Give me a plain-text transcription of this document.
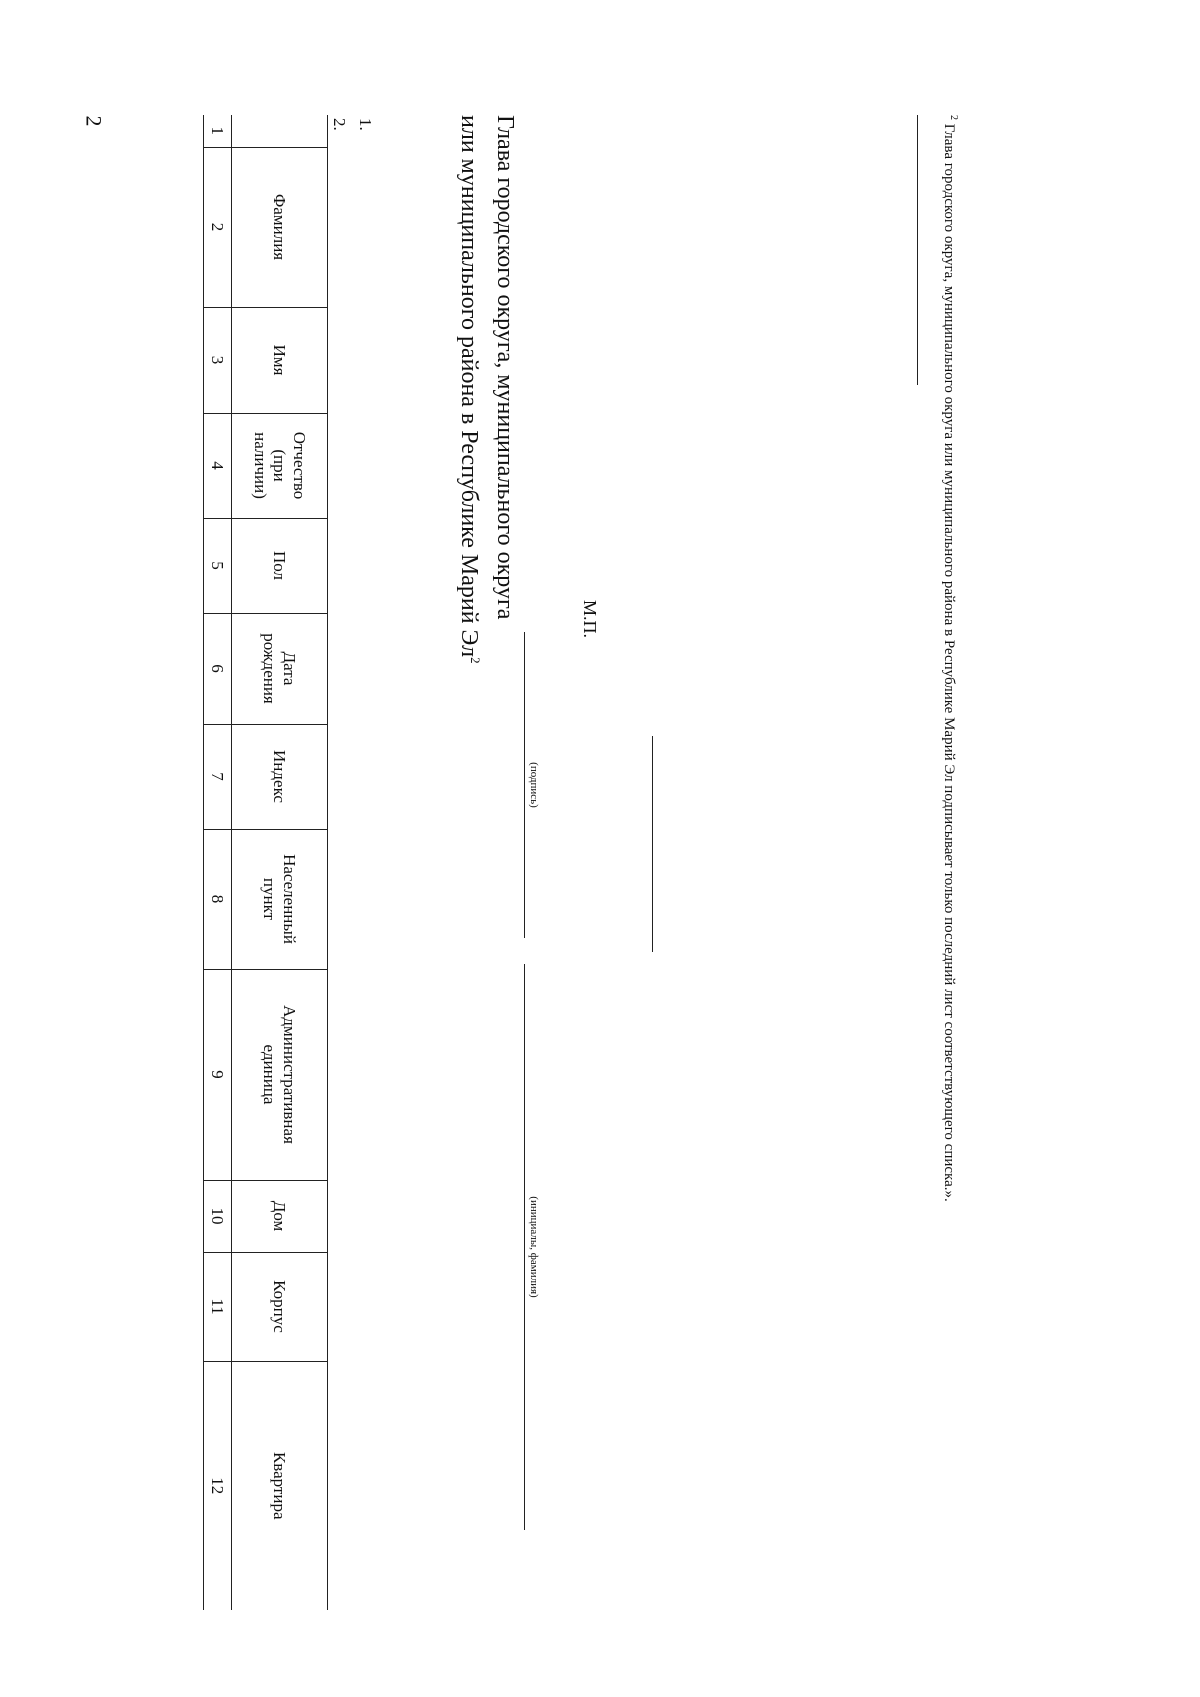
2
	Фамилия	Имя	Отчество (при наличии)	Пол	Дата рождения	Индекс	Населенный пункт	Административная единица	Дом	Корпус	Квартира
1	2	3	4	5	6	7	8	9	10	11	12
1.
2.	Глава городского округа, муниципального округа
или муниципального района в Республике Марий $Эл^2$
(подпись)
(инициалы, фамилия)
М.П.
$^2$ Глава городского округа, муниципального округа или муниципального района в Республике Марий Эл подписывает только последний лист соответствующего списка.».
